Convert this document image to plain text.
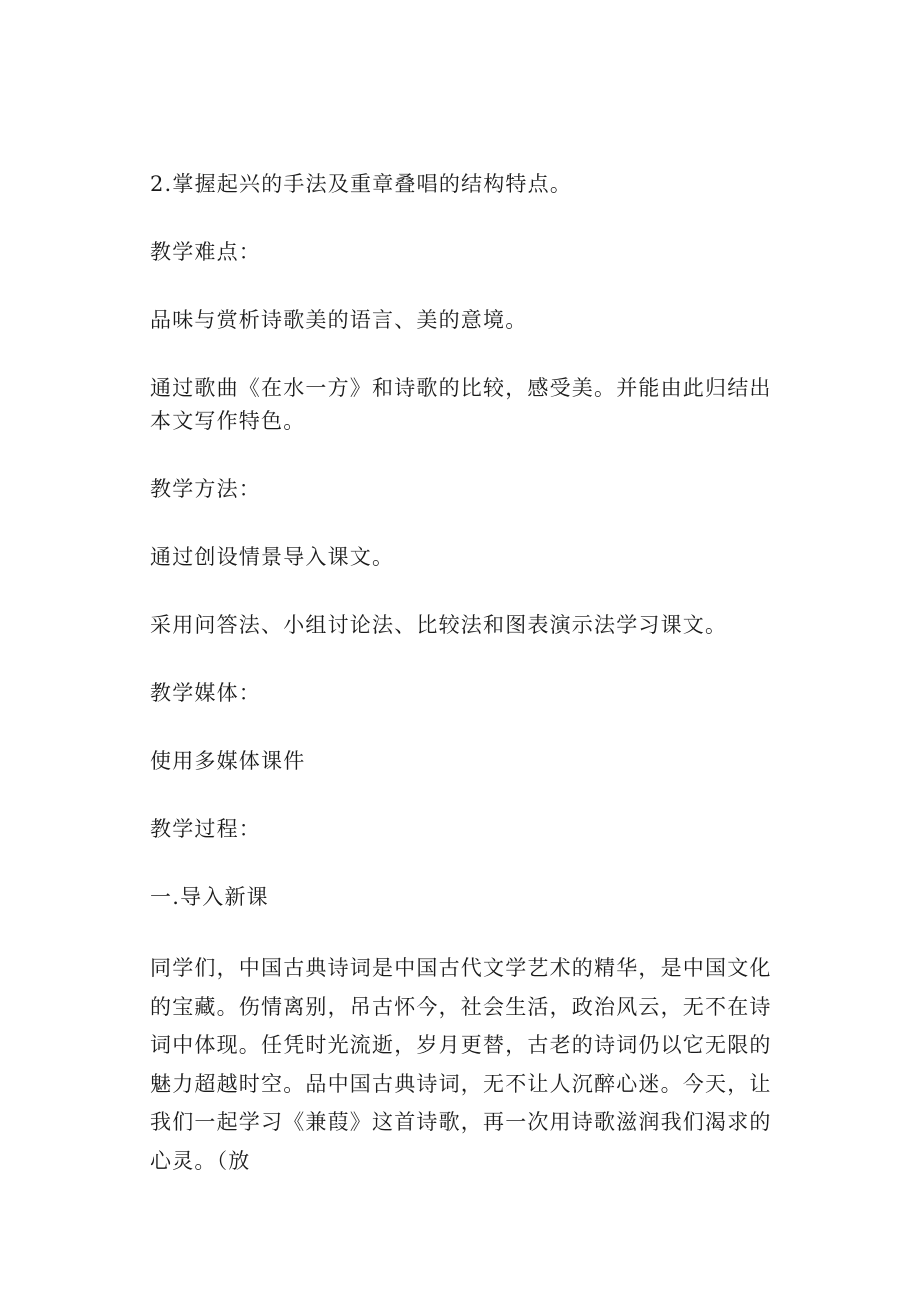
2.掌握起兴的手法及重章叠唱的结构特点。

教学难点：

品味与赏析诗歌美的语言、美的意境。

通过歌曲《在水一方》和诗歌的比较，感受美。并能由此归结出本文写作特色。

教学方法：

通过创设情景导入课文。

采用问答法、小组讨论法、比较法和图表演示法学习课文。

教学媒体：

使用多媒体课件

教学过程：

一.导入新课

同学们，中国古典诗词是中国古代文学艺术的精华，是中国文化的宝藏。伤情离别，吊古怀今，社会生活，政治风云，无不在诗词中体现。任凭时光流逝，岁月更替，古老的诗词仍以它无限的魅力超越时空。品中国古典诗词，无不让人沉醉心迷。今天，让我们一起学习《兼葭》这首诗歌，再一次用诗歌滋润我们渴求的心灵。（放
